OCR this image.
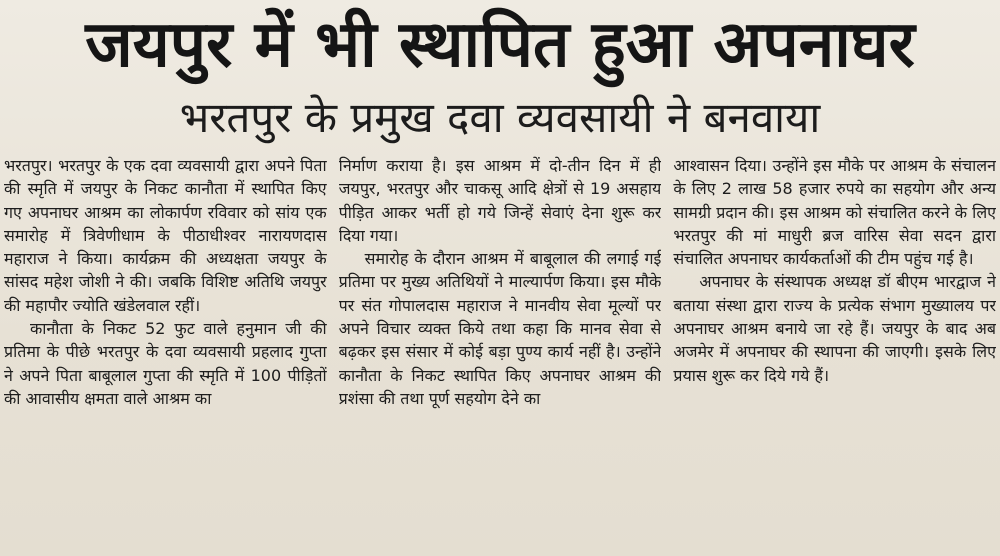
जयपुर में भी स्थापित हुआ अपनाघर
भरतपुर के प्रमुख दवा व्यवसायी ने बनवाया

भरतपुर। भरतपुर के एक दवा व्यवसायी द्वारा अपने पिता की स्मृति में जयपुर के निकट कानौता में स्थापित किए गए अपनाघर आश्रम का लोकार्पण रविवार को सांय एक समारोह में त्रिवेणीधाम के पीठाधीश्वर नारायणदास महाराज ने किया। कार्यक्रम की अध्यक्षता जयपुर के सांसद महेश जोशी ने की। जबकि विशिष्ट अतिथि जयपुर की महापौर ज्योति खंडेलवाल रहीं।

कानौता के निकट 52 फुट वाले हनुमान जी की प्रतिमा के पीछे भरतपुर के दवा व्यवसायी प्रहलाद गुप्ता ने अपने पिता बाबूलाल गुप्ता की स्मृति में 100 पीड़ितों की आवासीय क्षमता वाले आश्रम का

निर्माण कराया है। इस आश्रम में दो-तीन दिन में ही जयपुर, भरतपुर और चाकसू आदि क्षेत्रों से 19 असहाय पीड़ित आकर भर्ती हो गये जिन्हें सेवाएं देना शुरू कर दिया गया।

समारोह के दौरान आश्रम में बाबूलाल की लगाई गई प्रतिमा पर मुख्य अतिथियों ने माल्यार्पण किया। इस मौके पर संत गोपालदास महाराज ने मानवीय सेवा मूल्यों पर अपने विचार व्यक्त किये तथा कहा कि मानव सेवा से बढ़कर इस संसार में कोई बड़ा पुण्य कार्य नहीं है। उन्होंने कानौता के निकट स्थापित किए अपनाघर आश्रम की प्रशंसा की तथा पूर्ण सहयोग देने का

आश्वासन दिया। उन्होंने इस मौके पर आश्रम के संचालन के लिए 2 लाख 58 हजार रुपये का सहयोग और अन्य सामग्री प्रदान की। इस आश्रम को संचालित करने के लिए भरतपुर की मां माधुरी ब्रज वारिस सेवा सदन द्वारा संचालित अपनाघर कार्यकर्ताओं की टीम पहुंच गई है।

अपनाघर के संस्थापक अध्यक्ष डॉ बीएम भारद्वाज ने बताया संस्था द्वारा राज्य के प्रत्येक संभाग मुख्यालय पर अपनाघर आश्रम बनाये जा रहे हैं। जयपुर के बाद अब अजमेर में अपनाघर की स्थापना की जाएगी। इसके लिए प्रयास शुरू कर दिये गये हैं।
